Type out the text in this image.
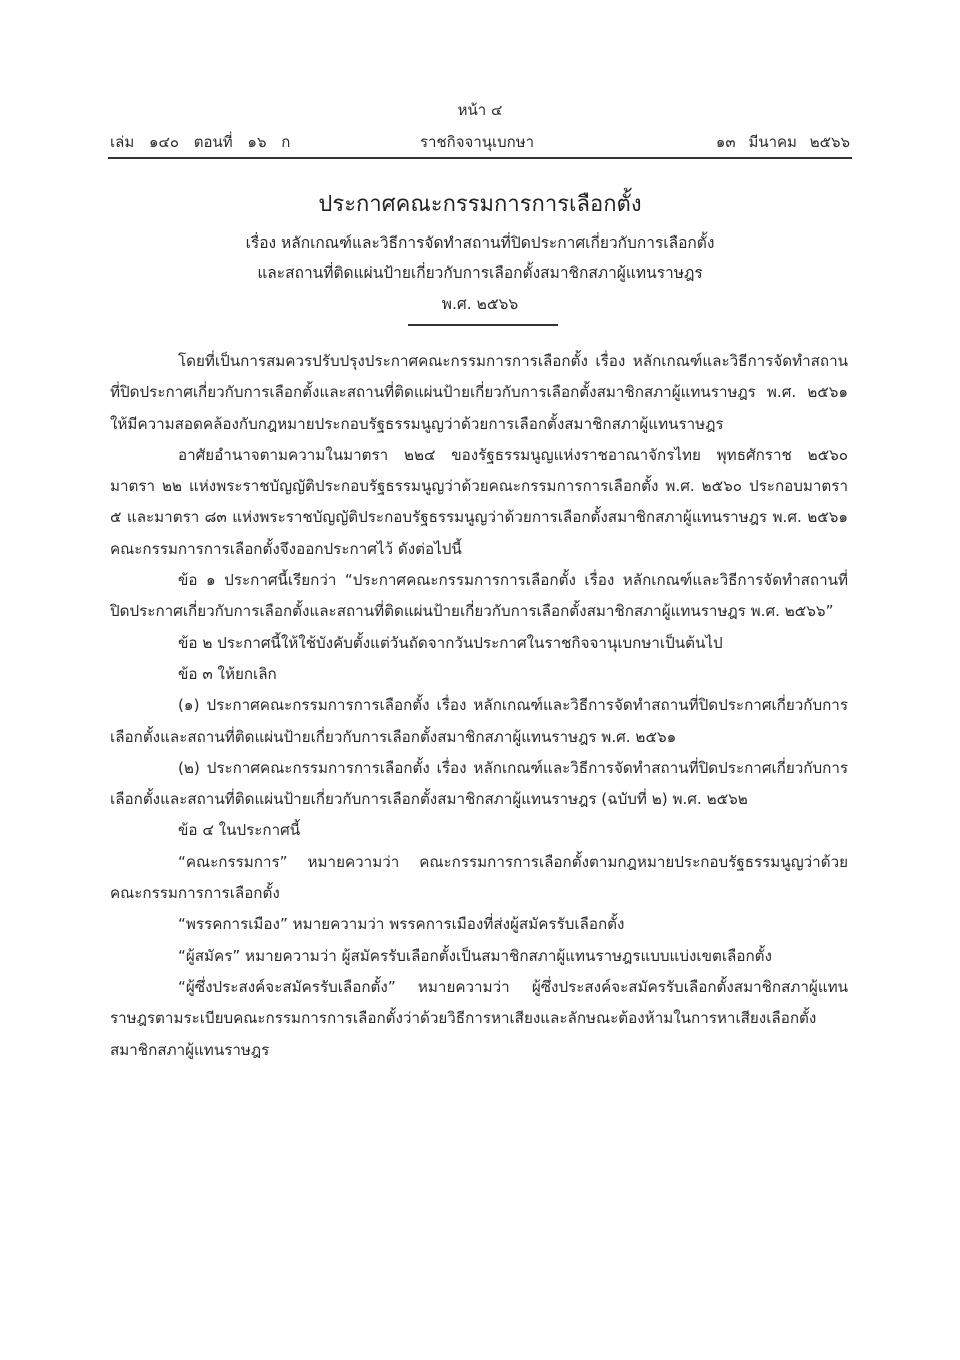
หน้า ๔
เล่ม ๑๔๐ ตอนที่ ๑๖ ก	ราชกิจจานุเบกษา	๑๓ มีนาคม ๒๕๖๖
ประกาศคณะกรรมการการเลือกตั้ง
เรื่อง หลักเกณฑ์และวิธีการจัดทำสถานที่ปิดประกาศเกี่ยวกับการเลือกตั้ง
และสถานที่ติดแผ่นป้ายเกี่ยวกับการเลือกตั้งสมาชิกสภาผู้แทนราษฎร
พ.ศ. ๒๕๖๖

โดยที่เป็นการสมควรปรับปรุงประกาศคณะกรรมการการเลือกตั้ง เรื่อง หลักเกณฑ์และวิธีการจัดทำสถานที่ปิดประกาศเกี่ยวกับการเลือกตั้งและสถานที่ติดแผ่นป้ายเกี่ยวกับการเลือกตั้งสมาชิกสภาผู้แทนราษฎร พ.ศ. ๒๕๖๑ ให้มีความสอดคล้องกับกฎหมายประกอบรัฐธรรมนูญว่าด้วยการเลือกตั้งสมาชิกสภาผู้แทนราษฎร

อาศัยอำนาจตามความในมาตรา ๒๒๔ ของรัฐธรรมนูญแห่งราชอาณาจักรไทย พุทธศักราช ๒๕๖๐ มาตรา ๒๒ แห่งพระราชบัญญัติประกอบรัฐธรรมนูญว่าด้วยคณะกรรมการการเลือกตั้ง พ.ศ. ๒๕๖๐ ประกอบมาตรา ๕ และมาตรา ๘๓ แห่งพระราชบัญญัติประกอบรัฐธรรมนูญว่าด้วยการเลือกตั้งสมาชิกสภาผู้แทนราษฎร พ.ศ. ๒๕๖๑ คณะกรรมการการเลือกตั้งจึงออกประกาศไว้ ดังต่อไปนี้

ข้อ ๑ ประกาศนี้เรียกว่า “ประกาศคณะกรรมการการเลือกตั้ง เรื่อง หลักเกณฑ์และวิธีการจัดทำสถานที่ปิดประกาศเกี่ยวกับการเลือกตั้งและสถานที่ติดแผ่นป้ายเกี่ยวกับการเลือกตั้งสมาชิกสภาผู้แทนราษฎร พ.ศ. ๒๕๖๖”

ข้อ ๒ ประกาศนี้ให้ใช้บังคับตั้งแต่วันถัดจากวันประกาศในราชกิจจานุเบกษาเป็นต้นไป

ข้อ ๓ ให้ยกเลิก

(๑) ประกาศคณะกรรมการการเลือกตั้ง เรื่อง หลักเกณฑ์และวิธีการจัดทำสถานที่ปิดประกาศเกี่ยวกับการเลือกตั้งและสถานที่ติดแผ่นป้ายเกี่ยวกับการเลือกตั้งสมาชิกสภาผู้แทนราษฎร พ.ศ. ๒๕๖๑

(๒) ประกาศคณะกรรมการการเลือกตั้ง เรื่อง หลักเกณฑ์และวิธีการจัดทำสถานที่ปิดประกาศเกี่ยวกับการเลือกตั้งและสถานที่ติดแผ่นป้ายเกี่ยวกับการเลือกตั้งสมาชิกสภาผู้แทนราษฎร (ฉบับที่ ๒) พ.ศ. ๒๕๖๒

ข้อ ๔ ในประกาศนี้

“คณะกรรมการ” หมายความว่า คณะกรรมการการเลือกตั้งตามกฎหมายประกอบรัฐธรรมนูญว่าด้วยคณะกรรมการการเลือกตั้ง

“พรรคการเมือง” หมายความว่า พรรคการเมืองที่ส่งผู้สมัครรับเลือกตั้ง

“ผู้สมัคร” หมายความว่า ผู้สมัครรับเลือกตั้งเป็นสมาชิกสภาผู้แทนราษฎรแบบแบ่งเขตเลือกตั้ง

“ผู้ซึ่งประสงค์จะสมัครรับเลือกตั้ง” หมายความว่า ผู้ซึ่งประสงค์จะสมัครรับเลือกตั้งสมาชิกสภาผู้แทนราษฎรตามระเบียบคณะกรรมการการเลือกตั้งว่าด้วยวิธีการหาเสียงและลักษณะต้องห้ามในการหาเสียงเลือกตั้งสมาชิกสภาผู้แทนราษฎร
